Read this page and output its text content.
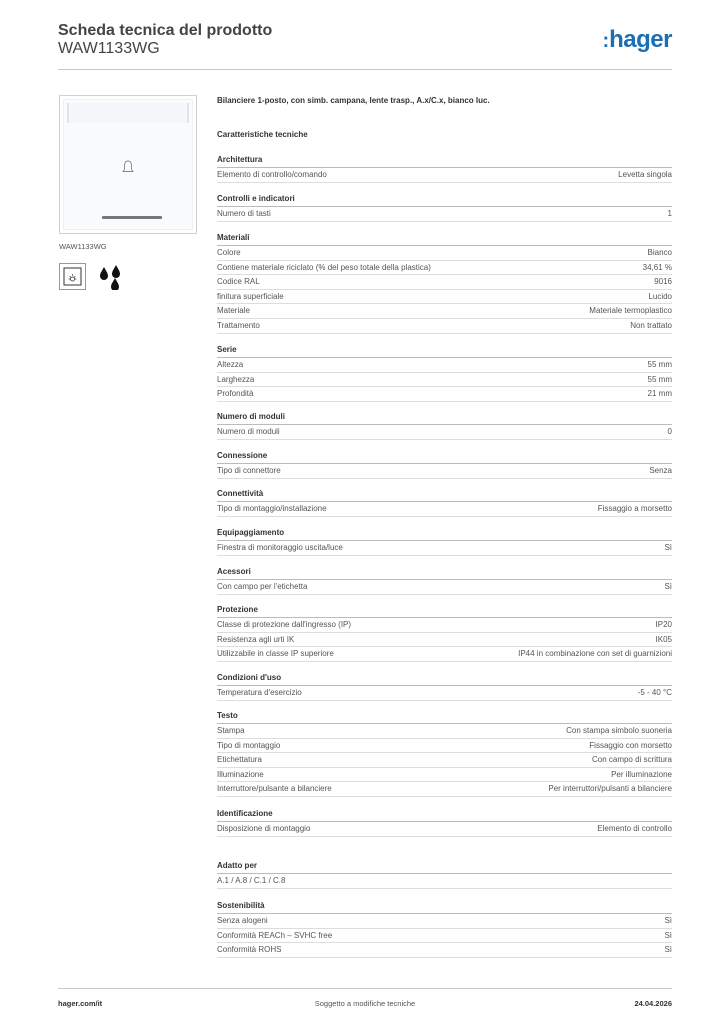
Scheda tecnica del prodotto
WAW1133WG	:hager
WAW1133WG
Bilanciere 1-posto, con simb. campana, lente trasp., A.x/C.x, bianco luc.
Caratteristiche tecniche
Architettura
Elemento di controllo/comando	Levetta singola
Controlli e indicatori
Numero di tasti	1
Materiali
Colore	Bianco
Contiene materiale riciclato (% del peso totale della plastica)	34,61 %
Codice RAL	9016
finitura superficiale	Lucido
Materiale	Materiale termoplastico
Trattamento	Non trattato
Serie
Altezza	55 mm
Larghezza	55 mm
Profondità	21 mm
Numero di moduli
Numero di moduli	0
Connessione
Tipo di connettore	Senza
Connettività
Tipo di montaggio/installazione	Fissaggio a morsetto
Equipaggiamento
Finestra di monitoraggio uscita/luce	Sì
Acessori
Con campo per l'etichetta	Sì
Protezione
Classe di protezione dall'ingresso (IP)	IP20
Resistenza agli urti IK	IK05
Utilizzabile in classe IP superiore	IP44 in combinazione con set di guarnizioni
Condizioni d'uso
Temperatura d'esercizio	-5 - 40 °C
Testo
Stampa	Con stampa simbolo suoneria
Tipo di montaggio	Fissaggio con morsetto
Etichettatura	Con campo di scrittura
Illuminazione	Per illuminazione
Interruttore/pulsante a bilanciere	Per interruttori/pulsanti a bilanciere
Identificazione
Disposizione di montaggio	Elemento di controllo
Adatto per
A.1 / A.8 / C.1 / C.8
Sostenibilità
Senza alogeni	Sì
Conformità REACh – SVHC free	Sì
Conformità ROHS	Sì
hager.com/it	Soggetto a modifiche tecniche	24.04.2026
